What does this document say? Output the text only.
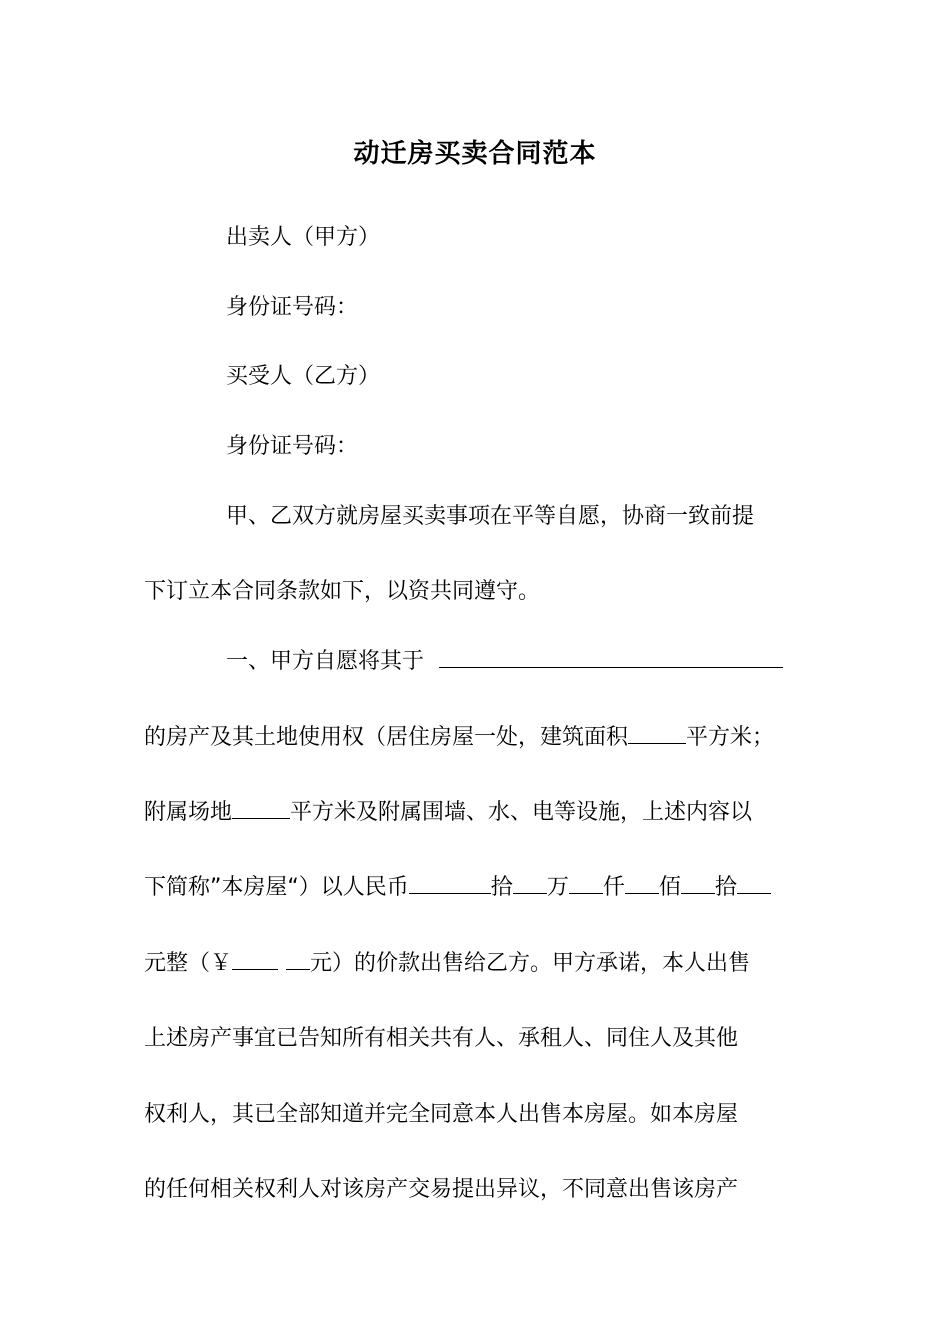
动迁房买卖合同范本
出卖人（甲方）
身份证号码：
买受人（乙方）
身份证号码：
甲、乙双方就房屋买卖事项在平等自愿，协商一致前提
下订立本合同条款如下，以资共同遵守。
一、甲方自愿将其于
的房产及其土地使用权（居住房屋一处，建筑面积	平方米；
附属场地	平方米及附属围墙、水、电等设施，上述内容以
下简称”本房屋“）以人民币	拾 万 仟 佰 拾
元整（￥	元）的价款出售给乙方。甲方承诺，本人出售
上述房产事宜已告知所有相关共有人、承租人、同住人及其他
权利人，其已全部知道并完全同意本人出售本房屋。如本房屋
的任何相关权利人对该房产交易提出异议，不同意出售该房产
